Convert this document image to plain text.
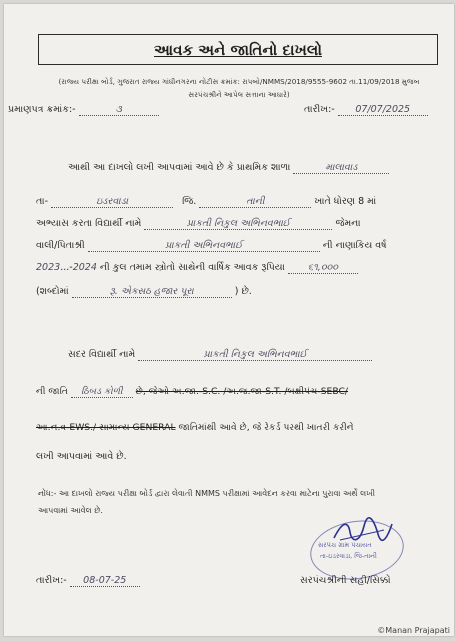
આવક અને જાતિનો દાખલો
(રાજ્ય પરીક્ષા બોર્ડ, ગુજરાત રાજ્ય ગાંધીનગરના નોટીસ ક્રમાંક: રાપબો/NMMS/2018/9555-9602 તા.11/09/2018 મુજબ
સરપંચશ્રીને આપેલ સત્તાના આધારે)
પ્રમાણપત્ર ક્રમાંક:-	૩	તારીખ:- 07/07/2025
આથી આ દાખલો લખી આપવામાં આવે છે કે પ્રાથમિક શાળા	માલાવાડ
તા-	ઇડરવાડા	જિ.	તાની	ખાતે ધોરણ 8 માં
અભ્યાસ કરતા વિદ્યાર્થી નામે	પ્રાકતી નિકુલ અભિનવભાઈ	જેમના
વાલી/પિતાશ્રી	પ્રાકતી અભિનવભાઈ	ની નાણાકિય વર્ષ
2023...-2024 ની કુલ તમામ સ્ત્રોતો સાથેની વાર્ષિક આવક રૂપિયા ૬૧,૦૦૦
(શબ્દોમાં	રૂ. એકસઠ હજાર પૂરા	) છે.
સદર વિદ્યાર્થી નામે	પ્રાકતી નિકુલ અભિનવભાઈ
ની જાતિ ઠિબડ કોળી છે, જેઓ અ.જા.-S.C. /અ.જ.જા-S.T. /બક્ષીપંચ-SEBC/
આ.ન.વ-EWS./ સામાન્ય GENERAL જાતિમાંથી આવે છે, જે રેકર્ડ પરથી ખાતરી કરીને
લખી આપવામાં આવે છે.
નોંધ:- આ દાખલો રાજ્ય પરીક્ષા બોર્ડ દ્વારા લેવાતી NMMS પરીક્ષામાં આવેદન કરવા માટેના પુરાવા અર્થે લખી
આપવામાં આવેલ છે.
સરપંચ ગ્રામ પંચાયત
તા-ઇડરવાડા, જિ-તાની
તારીખ:- 08-07-25	સરપંચશ્રીની સહી/સિક્કો
©Manan Prajapati
